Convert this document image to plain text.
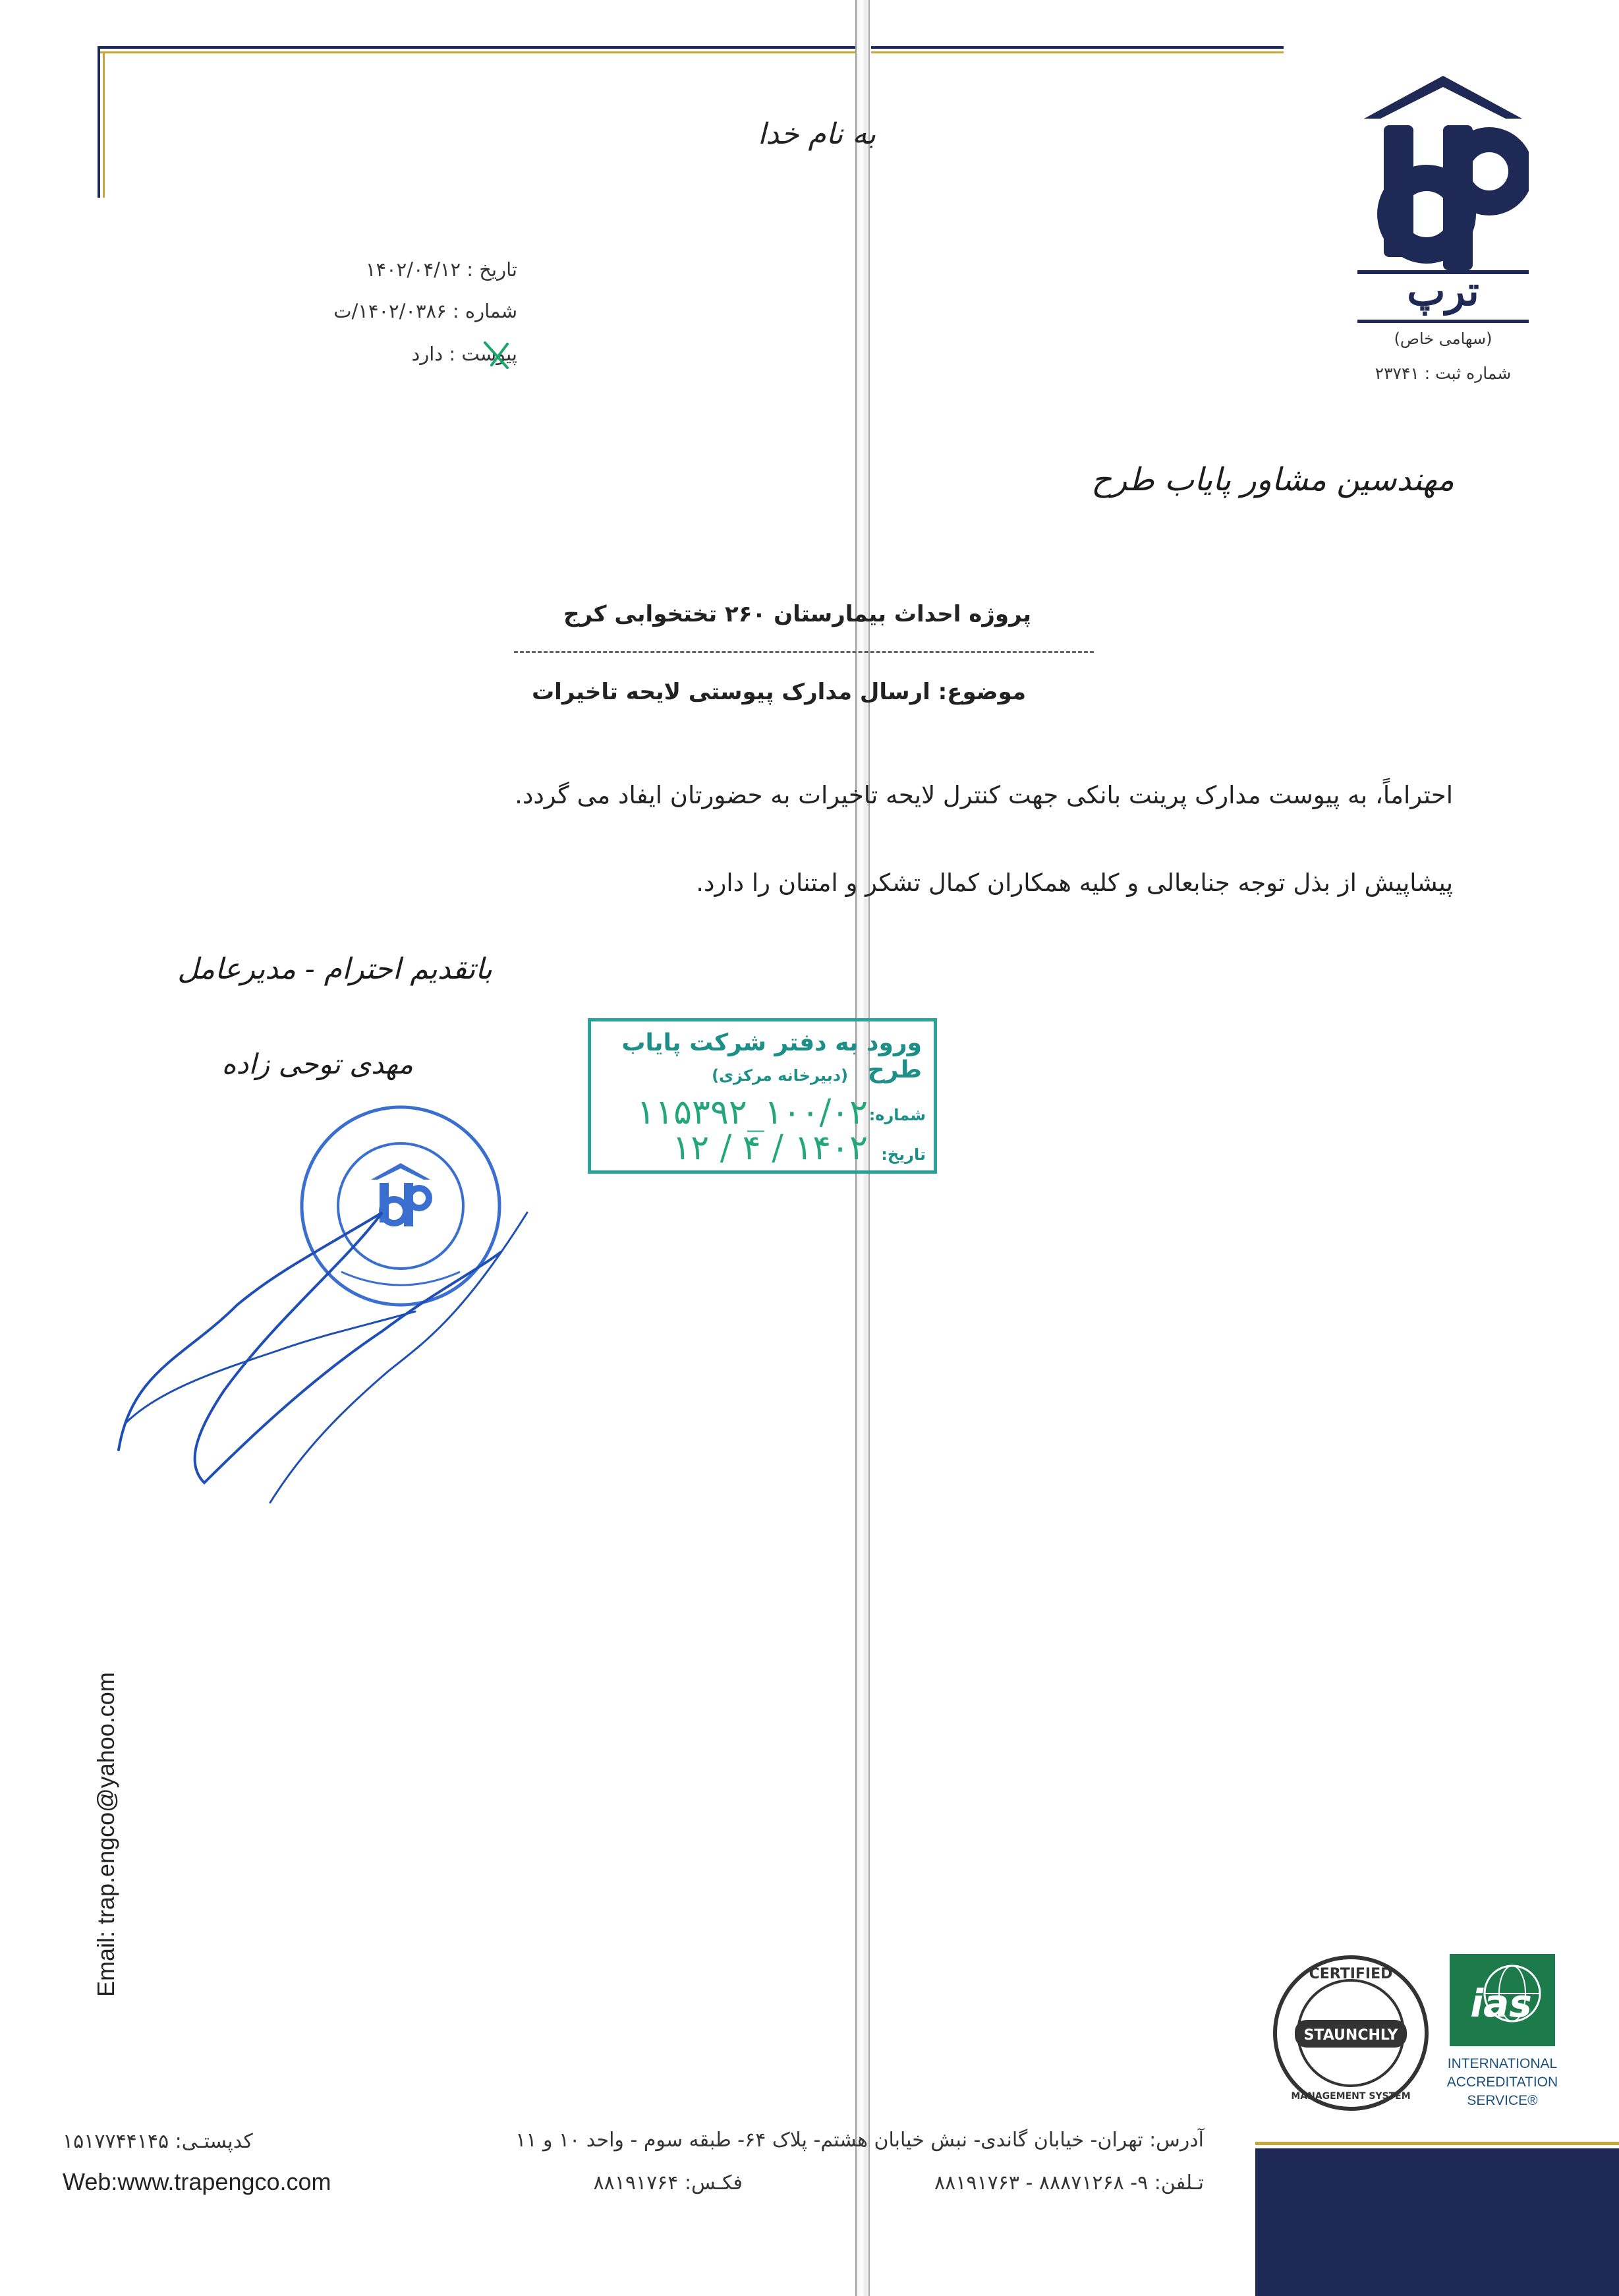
ترپ
(سهامی خاص)
شماره ثبت : ۲۳۷۴۱
به نام خدا
تاریخ : ۱۴۰۲/۰۴/۱۲
شماره : ۱۴۰۲/۰۳۸۶/ت
پیوست : دارد
مهندسین مشاور پایاب طرح
پروژه احداث بیمارستان ۲۶۰ تختخوابی کرج
موضوع: ارسال مدارک پیوستی لایحه تاخیرات
احتراماً، به پیوست مدارک پرینت بانکی جهت کنترل لایحه تاخیرات به حضورتان ایفاد می گردد.
پیشاپیش از بذل توجه جنابعالی و کلیه همکاران کمال تشکر و امتنان را دارد.
باتقدیم احترام - مدیرعامل
مهدی توحی زاده
ورود به دفتر شرکت پایاب طرح
(دبیرخانه مرکزی)
شماره:
۱۰۰/۰۲_۱۱۵۳۹۲
تاریخ:
۱۴۰۲ / ۴ / ۱۲
Email: trap.engco@yahoo.com
STAUNCHLY
CERTIFIED
MANAGEMENT SYSTEM
ias
INTERNATIONAL
ACCREDITATION
SERVICE®
آدرس: تهران- خیابان گاندی- نبش خیابان هشتم- پلاک ۶۴- طبقه سوم - واحد ۱۰ و ۱۱
تـلفن: ۹- ۸۸۸۷۱۲۶۸ - ۸۸۱۹۱۷۶۳
فکـس: ۸۸۱۹۱۷۶۴
کدپستـی: ۱۵۱۷۷۴۴۱۴۵
Web:www.trapengco.com
